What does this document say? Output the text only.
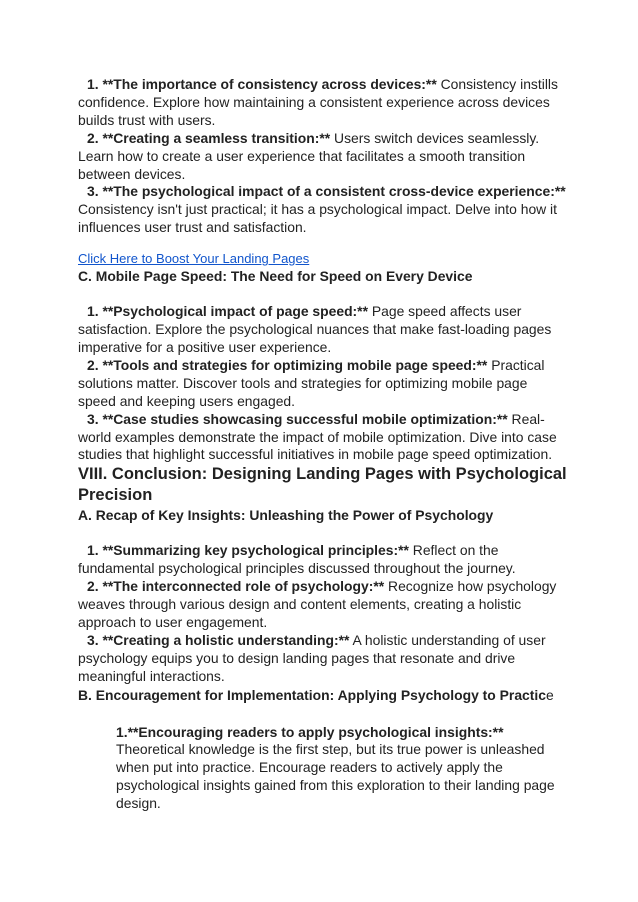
1. **The importance of consistency across devices:** Consistency instills confidence. Explore how maintaining a consistent experience across devices builds trust with users.

2. **Creating a seamless transition:** Users switch devices seamlessly. Learn how to create a user experience that facilitates a smooth transition between devices.

3. **The psychological impact of a consistent cross-device experience:** Consistency isn't just practical; it has a psychological impact. Delve into how it influences user trust and satisfaction.

Click Here to Boost Your Landing Pages
C. Mobile Page Speed: The Need for Speed on Every Device

1. **Psychological impact of page speed:** Page speed affects user satisfaction. Explore the psychological nuances that make fast-loading pages imperative for a positive user experience.

2. **Tools and strategies for optimizing mobile page speed:** Practical solutions matter. Discover tools and strategies for optimizing mobile page speed and keeping users engaged.

3. **Case studies showcasing successful mobile optimization:** Real-world examples demonstrate the impact of mobile optimization. Dive into case studies that highlight successful initiatives in mobile page speed optimization.

VIII. Conclusion: Designing Landing Pages with Psychological Precision
A. Recap of Key Insights: Unleashing the Power of Psychology

1. **Summarizing key psychological principles:** Reflect on the fundamental psychological principles discussed throughout the journey.

2. **The interconnected role of psychology:** Recognize how psychology weaves through various design and content elements, creating a holistic approach to user engagement.

3. **Creating a holistic understanding:** A holistic understanding of user psychology equips you to design landing pages that resonate and drive meaningful interactions.

B. Encouragement for Implementation: Applying Psychology to Practice

1.**Encouraging readers to apply psychological insights:** Theoretical knowledge is the first step, but its true power is unleashed when put into practice. Encourage readers to actively apply the psychological insights gained from this exploration to their landing page design.
